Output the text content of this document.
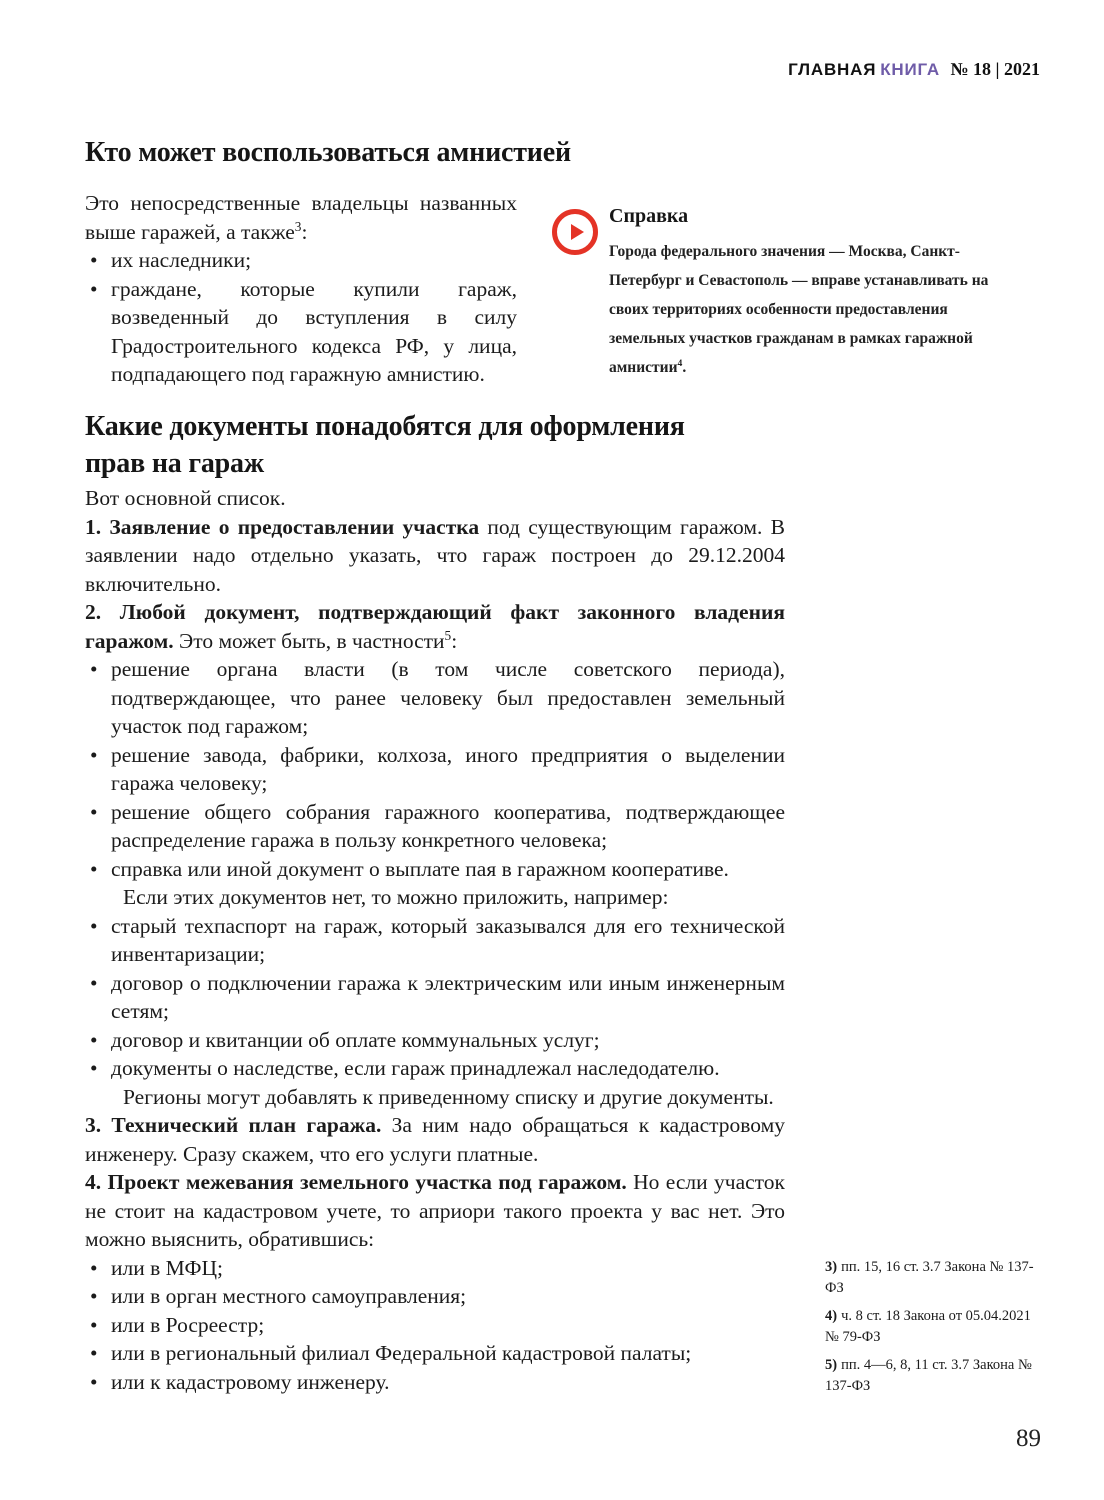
ГЛАВНАЯ КНИГА № 18 | 2021
Кто может воспользоваться амнистией

Это непосредственные владельцы названных выше гаражей, а также$^3$:

• их наследники;

• граждане, которые купили гараж, возведенный до вступления в силу Градостроительного кодекса РФ, у лица, подпадающего под гаражную амнистию.

Справка

Города федерального значения — Москва, Санкт-Петербург и Севастополь — вправе устанавливать на своих территориях особенности предоставления земельных участков гражданам в рамках гаражной амнистии$^4$.

Какие документы понадобятся для оформления
прав на гараж

Вот основной список.

1. Заявление о предоставлении участка под существующим гаражом. В заявлении надо отдельно указать, что гараж построен до 29.12.2004 включительно.

2. Любой документ, подтверждающий факт законного владения гаражом. Это может быть, в частности$^5$:

• решение органа власти (в том числе советского периода), подтверждающее, что ранее человеку был предоставлен земельный участок под гаражом;

• решение завода, фабрики, колхоза, иного предприятия о выделении гаража человеку;

• решение общего собрания гаражного кооператива, подтверждающее распределение гаража в пользу конкретного человека;

• справка или иной документ о выплате пая в гаражном кооперативе.

Если этих документов нет, то можно приложить, например:

• старый техпаспорт на гараж, который заказывался для его технической инвентаризации;

• договор о подключении гаража к электрическим или иным инженерным сетям;

• договор и квитанции об оплате коммунальных услуг;

• документы о наследстве, если гараж принадлежал наследодателю.

Регионы могут добавлять к приведенному списку и другие документы.

3. Технический план гаража. За ним надо обращаться к кадастровому инженеру. Сразу скажем, что его услуги платные.

4. Проект межевания земельного участка под гаражом. Но если участок не стоит на кадастровом учете, то априори такого проекта у вас нет. Это можно выяснить, обратившись:

• или в МФЦ;

• или в орган местного самоуправления;

• или в Росреестр;

• или в региональный филиал Федеральной кадастровой палаты;

• или к кадастровому инженеру.

3) пп. 15, 16 ст. 3.7 Закона № 137-ФЗ

4) ч. 8 ст. 18 Закона от 05.04.2021 № 79-ФЗ

5) пп. 4—6, 8, 11 ст. 3.7 Закона № 137-ФЗ

89
